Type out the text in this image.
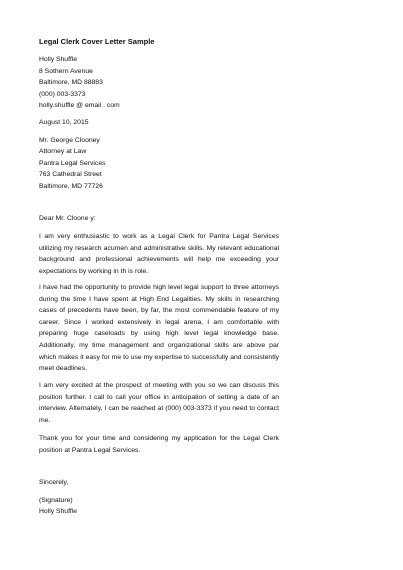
Legal Clerk Cover Letter Sample
Holly Shuffle
8 Sothern Avenue
Baltimore, MD 88883
(000) 003-3373
holly.shuffle @ email . com
August 10, 2015
Mr. George Clooney
Attorney at Law
Pantra Legal Services
763 Cathedral Street
Baltimore, MD 77726
Dear Mr. Cloone y:
I am very enthusiastic to work as a Legal Clerk for Pantra Legal Services utilizing my research acumen and administrative skills. My relevant educational background and professional achievements will help me exceeding your expectations by working in th is role.
I have had the opportunity to provide high level legal support to three attorneys during the time I have spent at High End Legalities. My skills in researching cases of precedents have been, by far, the most commendable feature of my career. Since I worked extensively in legal arena, I am comfortable with preparing huge caseloads by using high level legal knowledge base. Additionally, my time management and organizational skills are above par which makes it easy for me to use my expertise to successfully and consistently meet deadlines.
I am very excited at the prospect of meeting with you so we can discuss this position further. I call to call your office in anticipation of setting a date of an interview. Alternately, I can be reached at (000) 003-3373 if you need to contact me.
Thank you for your time and considering my application for the Legal Clerk position at Pantra Legal Services.
Sincerely,
(Signature)
Holly Shuffle
